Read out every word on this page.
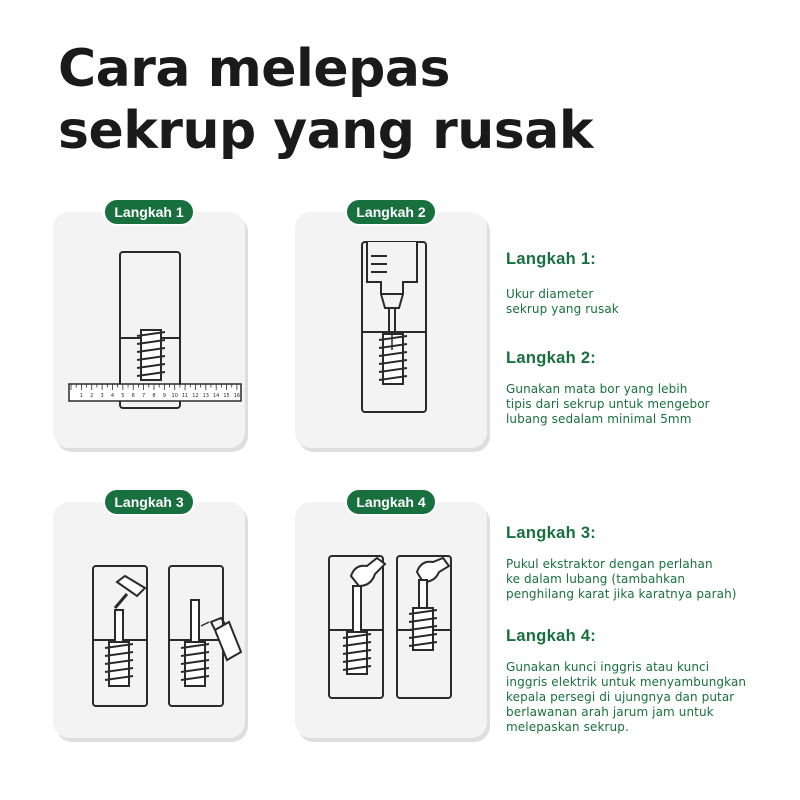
Cara melepas
sekrup yang rusak
1 2 3 4 5 6 7 8 9 10 11 12 13 14 15 16
Langkah 1	Langkah 2
Langkah 3	Langkah 4
Langkah 1:
Ukur diameter
sekrup yang rusak
Langkah 2:
Gunakan mata bor yang lebih
tipis dari sekrup untuk mengebor
lubang sedalam minimal 5mm
Langkah 3:
Pukul ekstraktor dengan perlahan
ke dalam lubang (tambahkan
penghilang karat jika karatnya parah)
Langkah 4:
Gunakan kunci inggris atau kunci
inggris elektrik untuk menyambungkan
kepala persegi di ujungnya dan putar
berlawanan arah jarum jam untuk
melepaskan sekrup.
